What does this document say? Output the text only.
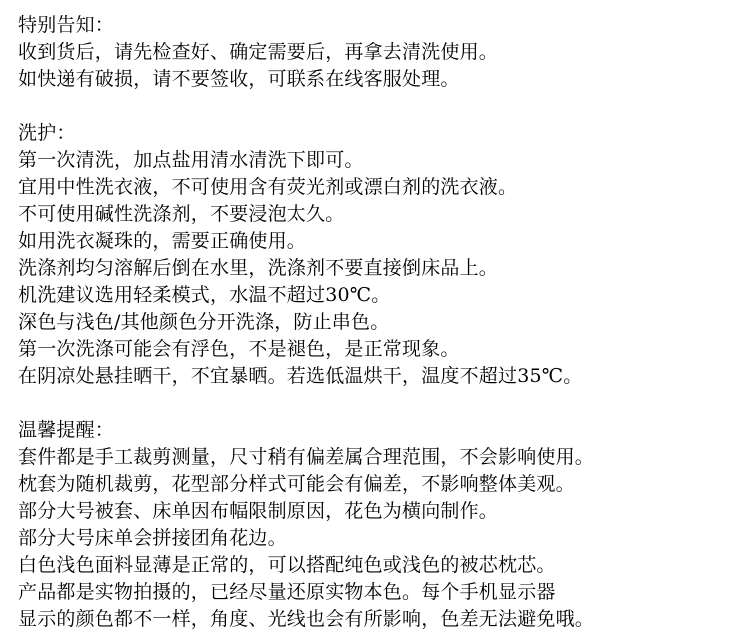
特别告知：
收到货后，请先检查好、确定需要后，再拿去清洗使用。
如快递有破损，请不要签收，可联系在线客服处理。
洗护：
第一次清洗，加点盐用清水清洗下即可。
宜用中性洗衣液，不可使用含有荧光剂或漂白剂的洗衣液。
不可使用碱性洗涤剂，不要浸泡太久。
如用洗衣凝珠的，需要正确使用。
洗涤剂均匀溶解后倒在水里，洗涤剂不要直接倒床品上。
机洗建议选用轻柔模式，水温不超过30℃。
深色与浅色/其他颜色分开洗涤，防止串色。
第一次洗涤可能会有浮色，不是褪色，是正常现象。
在阴凉处悬挂晒干，不宜暴晒。若选低温烘干，温度不超过35℃。
温馨提醒：
套件都是手工裁剪测量，尺寸稍有偏差属合理范围，不会影响使用。
枕套为随机裁剪，花型部分样式可能会有偏差，不影响整体美观。
部分大号被套、床单因布幅限制原因，花色为横向制作。
部分大号床单会拼接团角花边。
白色浅色面料显薄是正常的，可以搭配纯色或浅色的被芯枕芯。
产品都是实物拍摄的，已经尽量还原实物本色。每个手机显示器
显示的颜色都不一样，角度、光线也会有所影响，色差无法避免哦。
